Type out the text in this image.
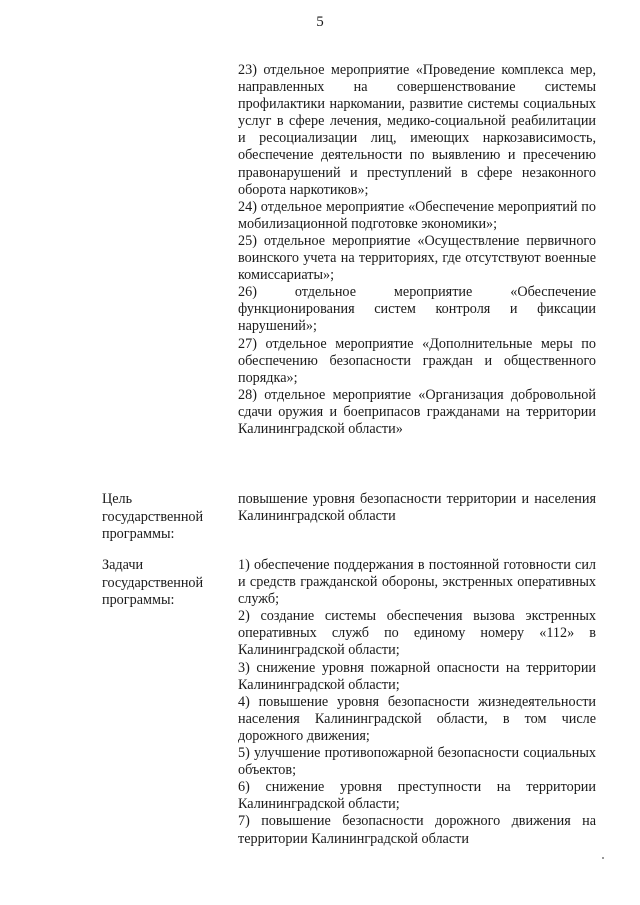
5

23) отдельное мероприятие «Проведение комплекса мер, направленных на совершенствование системы профилактики наркомании, развитие системы социальных услуг в сфере лечения, медико-социальной реабилитации и ресоциализации лиц, имеющих наркозависимость, обеспечение деятельности по выявлению и пресечению правонарушений и преступлений в сфере незаконного оборота наркотиков»;

24) отдельное мероприятие «Обеспечение мероприятий по мобилизационной подготовке экономики»;

25) отдельное мероприятие «Осуществление первичного воинского учета на территориях, где отсутствуют военные комиссариаты»;

26) отдельное мероприятие «Обеспечение функционирования систем контроля и фиксации нарушений»;

27) отдельное мероприятие «Дополнительные меры по обеспечению безопасности граждан и общественного порядка»;

28) отдельное мероприятие «Организация добровольной сдачи оружия и боеприпасов гражданами на территории Калининградской области»

Цель
государственной
программы:

повышение уровня безопасности территории и населения Калининградской области

Задачи
государственной
программы:

1) обеспечение поддержания в постоянной готовности сил и средств гражданской обороны, экстренных оперативных служб;

2) создание системы обеспечения вызова экстренных оперативных служб по единому номеру «112» в Калининградской области;

3) снижение уровня пожарной опасности на территории Калининградской области;

4) повышение уровня безопасности жизнедеятельности населения Калининградской области, в том числе дорожного движения;

5) улучшение противопожарной безопасности социальных объектов;

6) снижение уровня преступности на территории Калининградской области;

7) повышение безопасности дорожного движения на территории Калининградской области
